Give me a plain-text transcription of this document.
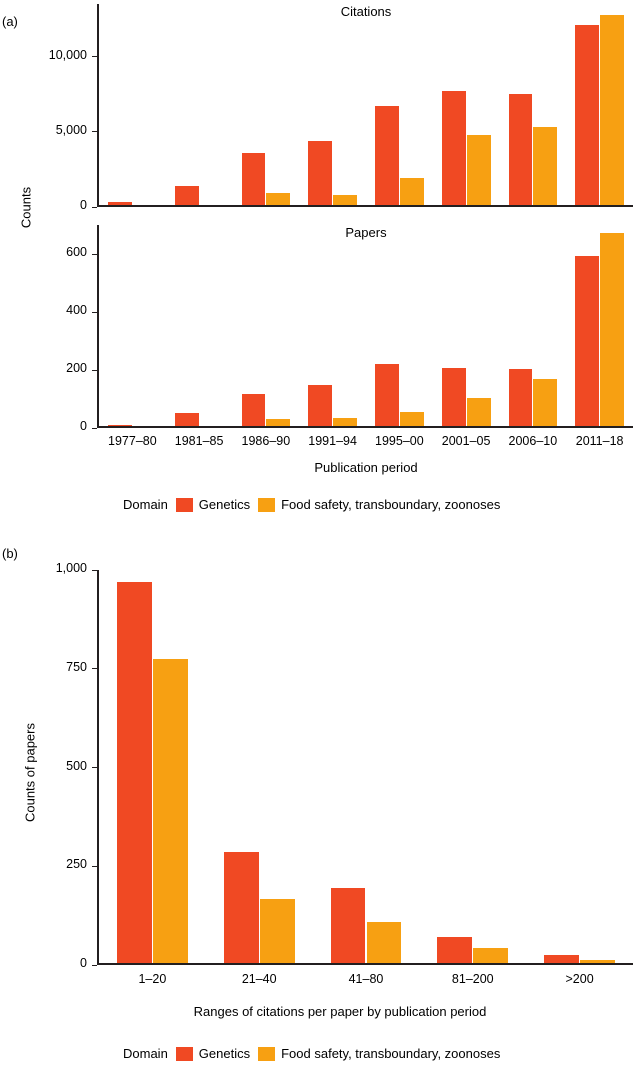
(a)
Citations
0
5,000
10,000
Papers
0
200
400
600
1977–80	1981–85	1986–90	1991–94	1995–00	2001–05	2006–10	2011–18
Counts
Publication period
Domain Genetics Food safety, transboundary, zoonoses
(b)
0
250
500
750
1,000
1–20	21–40	41–80	81–200	>200
Counts of papers
Ranges of citations per paper by publication period
Domain Genetics Food safety, transboundary, zoonoses
